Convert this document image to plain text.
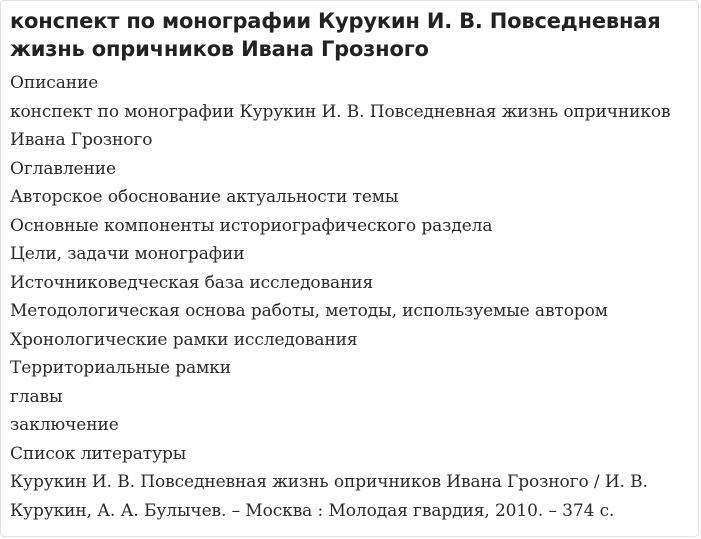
конспект по монографии Курукин И. В. Повседневная жизнь опричников Ивана Грозного

Описание

конспект по монографии Курукин И. В. Повседневная жизнь опричников Ивана Грозного

Оглавление

Авторское обоснование актуальности темы

Основные компоненты историографического раздела

Цели, задачи монографии

Источниковедческая база исследования

Методологическая основа работы, методы, используемые автором

Хронологические рамки исследования

Территориальные рамки

главы

заключение

Список литературы

Курукин И. В. Повседневная жизнь опричников Ивана Грозного / И. В. Курукин, А. А. Булычев. – Москва : Молодая гвардия, 2010. – 374 с.
